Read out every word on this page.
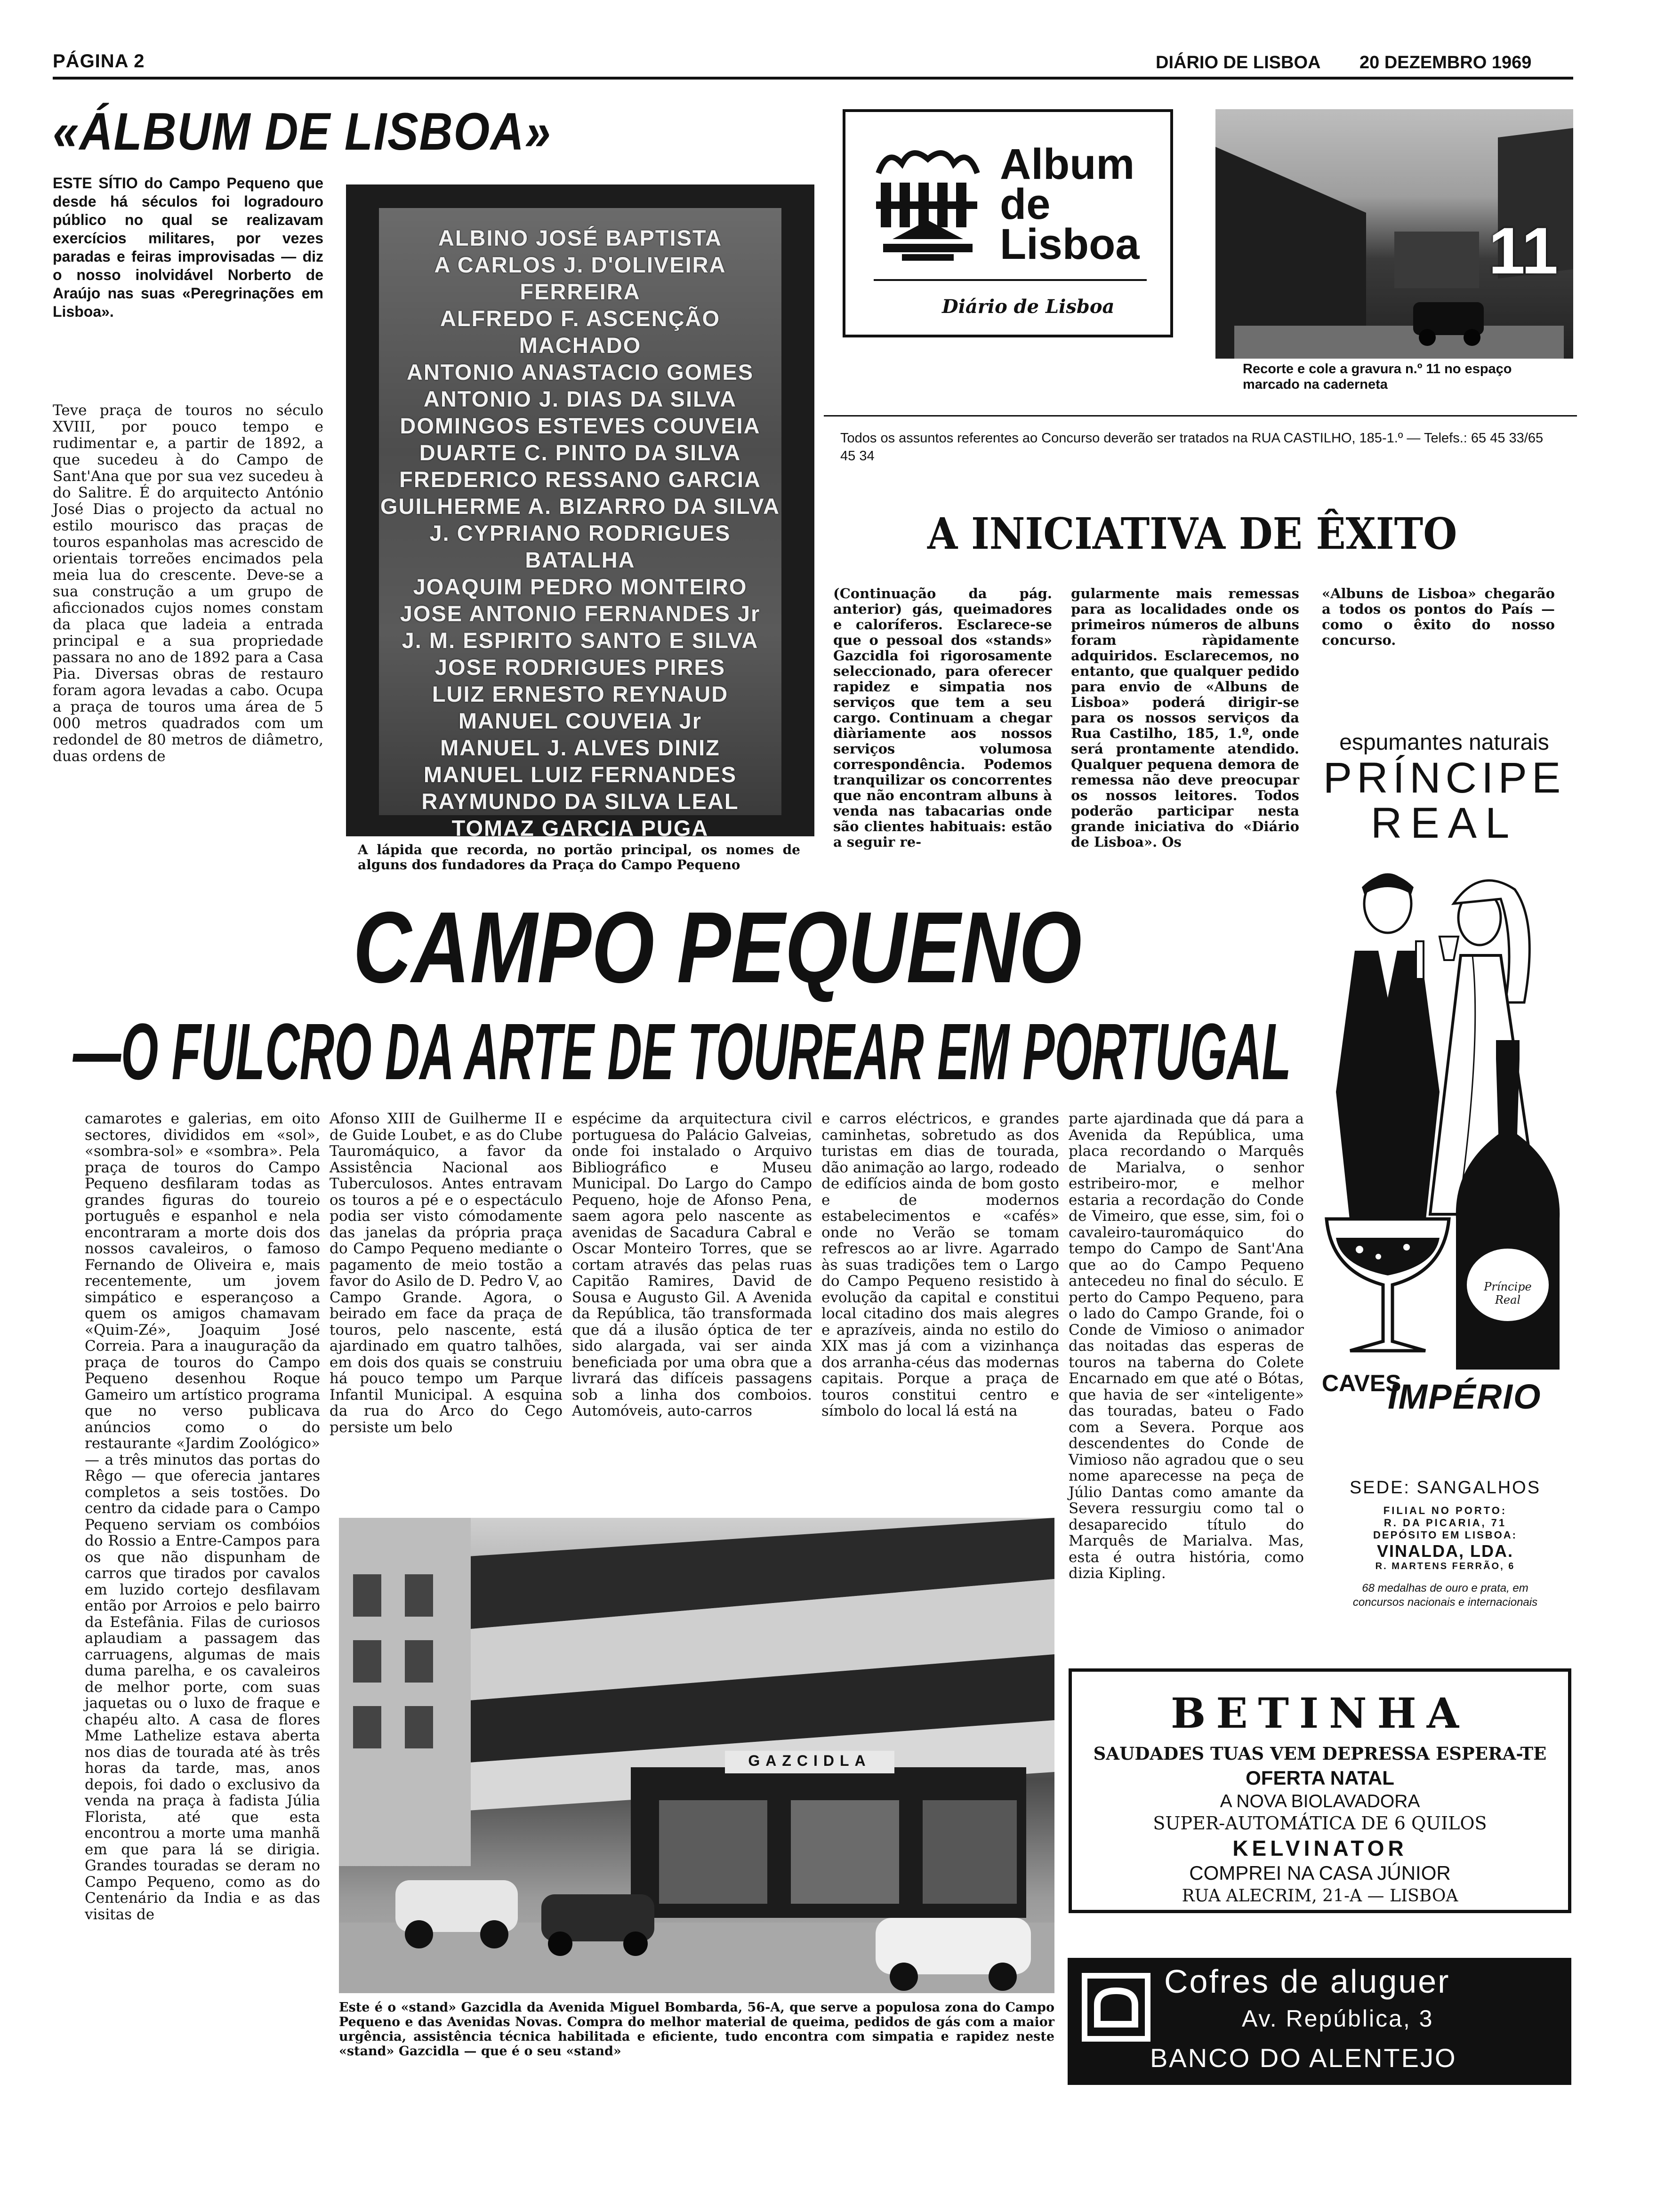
PÁGINA 2	DIÁRIO DE LISBOA 20 DEZEMBRO 1969
«ÁLBUM DE LISBOA»
ESTE SÍTIO do Campo Pequeno que desde há séculos foi logradouro público no qual se realizavam exercícios militares, por vezes paradas e feiras improvisadas — diz o nosso inolvidável Norberto de Araújo nas suas «Peregrinações em Lisboa».
Teve praça de touros no século XVIII, por pouco tempo e rudimentar e, a partir de 1892, a que sucedeu à do Campo de Sant'Ana que por sua vez sucedeu à do Salitre. É do arquitecto António José Dias o projecto da actual no estilo mourisco das praças de touros espanholas mas acrescido de orientais torreões encimados pela meia lua do crescente. Deve-se a sua construção a um grupo de aficcionados cujos nomes constam da placa que ladeia a entrada principal e a sua propriedade passara no ano de 1892 para a Casa Pia. Diversas obras de restauro foram agora levadas a cabo. Ocupa a praça de touros uma área de 5 000 metros quadrados com um redondel de 80 metros de diâmetro, duas ordens de
ALBINO JOSÉ BAPTISTA
A CARLOS J. D'OLIVEIRA FERREIRA
ALFREDO F. ASCENÇÃO MACHADO
ANTONIO ANASTACIO GOMES
ANTONIO J. DIAS DA SILVA
DOMINGOS ESTEVES COUVEIA
DUARTE C. PINTO DA SILVA
FREDERICO RESSANO GARCIA
GUILHERME A. BIZARRO DA SILVA
J. CYPRIANO RODRIGUES BATALHA
JOAQUIM PEDRO MONTEIRO
JOSE ANTONIO FERNANDES Jr
J. M. ESPIRITO SANTO E SILVA
JOSE RODRIGUES PIRES
LUIZ ERNESTO REYNAUD
MANUEL COUVEIA Jr
MANUEL J. ALVES DINIZ
MANUEL LUIZ FERNANDES
RAYMUNDO DA SILVA LEAL
TOMAZ GARCIA PUGA
A lápida que recorda, no portão principal, os nomes de alguns dos fundadores da Praça do Campo Pequeno
Album
de
Lisboa
Diário de Lisboa
11
Recorte e cole a gravura n.º 11 no espaço marcado na caderneta
Todos os assuntos referentes ao Concurso deverão ser tratados na RUA CASTILHO, 185-1.º — Telefs.: 65 45 33/65 45 34
A INICIATIVA DE ÊXITO
(Continuação da pág. anterior) gás, queimadores e caloríferos. Esclarece-se que o pessoal dos «stands» Gazcidla foi rigorosamente seleccionado, para oferecer rapidez e simpatia nos serviços que tem a seu cargo. Continuam a chegar diàriamente aos nossos serviços volumosa correspondência. Podemos tranquilizar os concorrentes que não encontram albuns à venda nas tabacarias onde são clientes habituais: estão a seguir re-
gularmente mais remessas para as localidades onde os primeiros números de albuns foram ràpidamente adquiridos. Esclarecemos, no entanto, que qualquer pedido para envio de «Albuns de Lisboa» poderá dirigir-se para os nossos serviços da Rua Castilho, 185, 1.º, onde será prontamente atendido. Qualquer pequena demora de remessa não deve preocupar os nossos leitores. Todos poderão participar nesta grande iniciativa do «Diário de Lisboa». Os
«Albuns de Lisboa» chegarão a todos os pontos do País — como o êxito do nosso concurso.
CAMPO PEQUENO
—O FULCRO DA ARTE DE TOUREAR EM PORTUGAL
camarotes e galerias, em oito sectores, divididos em «sol», «sombra-sol» e «sombra». Pela praça de touros do Campo Pequeno desfilaram todas as grandes figuras do toureio português e espanhol e nela encontraram a morte dois dos nossos cavaleiros, o famoso Fernando de Oliveira e, mais recentemente, um jovem simpático e esperançoso a quem os amigos chamavam «Quim-Zé», Joaquim José Correia. Para a inauguração da praça de touros do Campo Pequeno desenhou Roque Gameiro um artístico programa que no verso publicava anúncios como o do restaurante «Jardim Zoológico» — a três minutos das portas do Rêgo — que oferecia jantares completos a seis tostões. Do centro da cidade para o Campo Pequeno serviam os combóios do Rossio a Entre-Campos para os que não dispunham de carros que tirados por cavalos em luzido cortejo desfilavam então por Arroios e pelo bairro da Estefânia. Filas de curiosos aplaudiam a passagem das carruagens, algumas de mais duma parelha, e os cavaleiros de melhor porte, com suas jaquetas ou o luxo de fraque e chapéu alto. A casa de flores Mme Lathelize estava aberta nos dias de tourada até às três horas da tarde, mas, anos depois, foi dado o exclusivo da venda na praça à fadista Júlia Florista, até que esta encontrou a morte uma manhã em que para lá se dirigia. Grandes touradas se deram no Campo Pequeno, como as do Centenário da India e as das visitas de
Afonso XIII de Guilherme II e de Guide Loubet, e as do Clube Tauromáquico, a favor da Assistência Nacional aos Tuberculosos. Antes entravam os touros a pé e o espectáculo podia ser visto cómodamente das janelas da própria praça do Campo Pequeno mediante o pagamento de meio tostão a favor do Asilo de D. Pedro V, ao Campo Grande. Agora, o beirado em face da praça de touros, pelo nascente, está ajardinado em quatro talhões, em dois dos quais se construiu há pouco tempo um Parque Infantil Municipal. A esquina da rua do Arco do Cego persiste um belo
espécime da arquitectura civil portuguesa do Palácio Galveias, onde foi instalado o Arquivo Bibliográfico e Museu Municipal. Do Largo do Campo Pequeno, hoje de Afonso Pena, saem agora pelo nascente as avenidas de Sacadura Cabral e Oscar Monteiro Torres, que se cortam através das pelas ruas Capitão Ramires, David de Sousa e Augusto Gil. A Avenida da República, tão transformada que dá a ilusão óptica de ter sido alargada, vai ser ainda beneficiada por uma obra que a livrará das difíceis passagens sob a linha dos comboios. Automóveis, auto-carros
e carros eléctricos, e grandes caminhetas, sobretudo as dos turistas em dias de tourada, dão animação ao largo, rodeado de edifícios ainda de bom gosto e de modernos estabelecimentos e «cafés» onde no Verão se tomam refrescos ao ar livre. Agarrado às suas tradições tem o Largo do Campo Pequeno resistido à evolução da capital e constitui local citadino dos mais alegres e aprazíveis, ainda no estilo do XIX mas já com a vizinhança dos arranha-céus das modernas capitais. Porque a praça de touros constitui centro e símbolo do local lá está na
parte ajardinada que dá para a Avenida da República, uma placa recordando o Marquês de Marialva, o senhor estribeiro-mor, e melhor estaria a recordação do Conde de Vimeiro, que esse, sim, foi o cavaleiro-tauromáquico do tempo do Campo de Sant'Ana que ao do Campo Pequeno antecedeu no final do século. E perto do Campo Pequeno, para o lado do Campo Grande, foi o Conde de Vimioso o animador das noitadas das esperas de touros na taberna do Colete Encarnado em que até o Bótas, que havia de ser «inteligente» das touradas, bateu o Fado com a Severa. Porque aos descendentes do Conde de Vimioso não agradou que o seu nome aparecesse na peça de Júlio Dantas como amante da Severa ressurgiu como tal o desaparecido título do Marquês de Marialva. Mas, esta é outra história, como dizia Kipling.
GAZCIDLA
Este é o «stand» Gazcidla da Avenida Miguel Bombarda, 56-A, que serve a populosa zona do Campo Pequeno e das Avenidas Novas. Compra do melhor material de queima, pedidos de gás com a maior urgência, assistência técnica habilitada e eficiente, tudo encontra com simpatia e rapidez neste «stand» Gazcidla — que é o seu «stand»
espumantes naturais
PRÍNCIPE
REAL
Príncipe Real
CAVES
IMPÉRIO
SEDE: SANGALHOS
FILIAL NO PORTO:
R. DA PICARIA, 71
DEPÓSITO EM LISBOA:
VINALDA, LDA.
R. MARTENS FERRÃO, 6
68 medalhas de ouro e prata, em concursos nacionais e internacionais
BETINHA
SAUDADES TUAS VEM DEPRESSA ESPERA-TE
OFERTA NATAL
A NOVA BIOLAVADORA
SUPER-AUTOMÁTICA DE 6 QUILOS
KELVINATOR
COMPREI NA CASA JÚNIOR
RUA ALECRIM, 21-A — LISBOA
Cofres de aluguer
Av. República, 3
BANCO DO ALENTEJO
